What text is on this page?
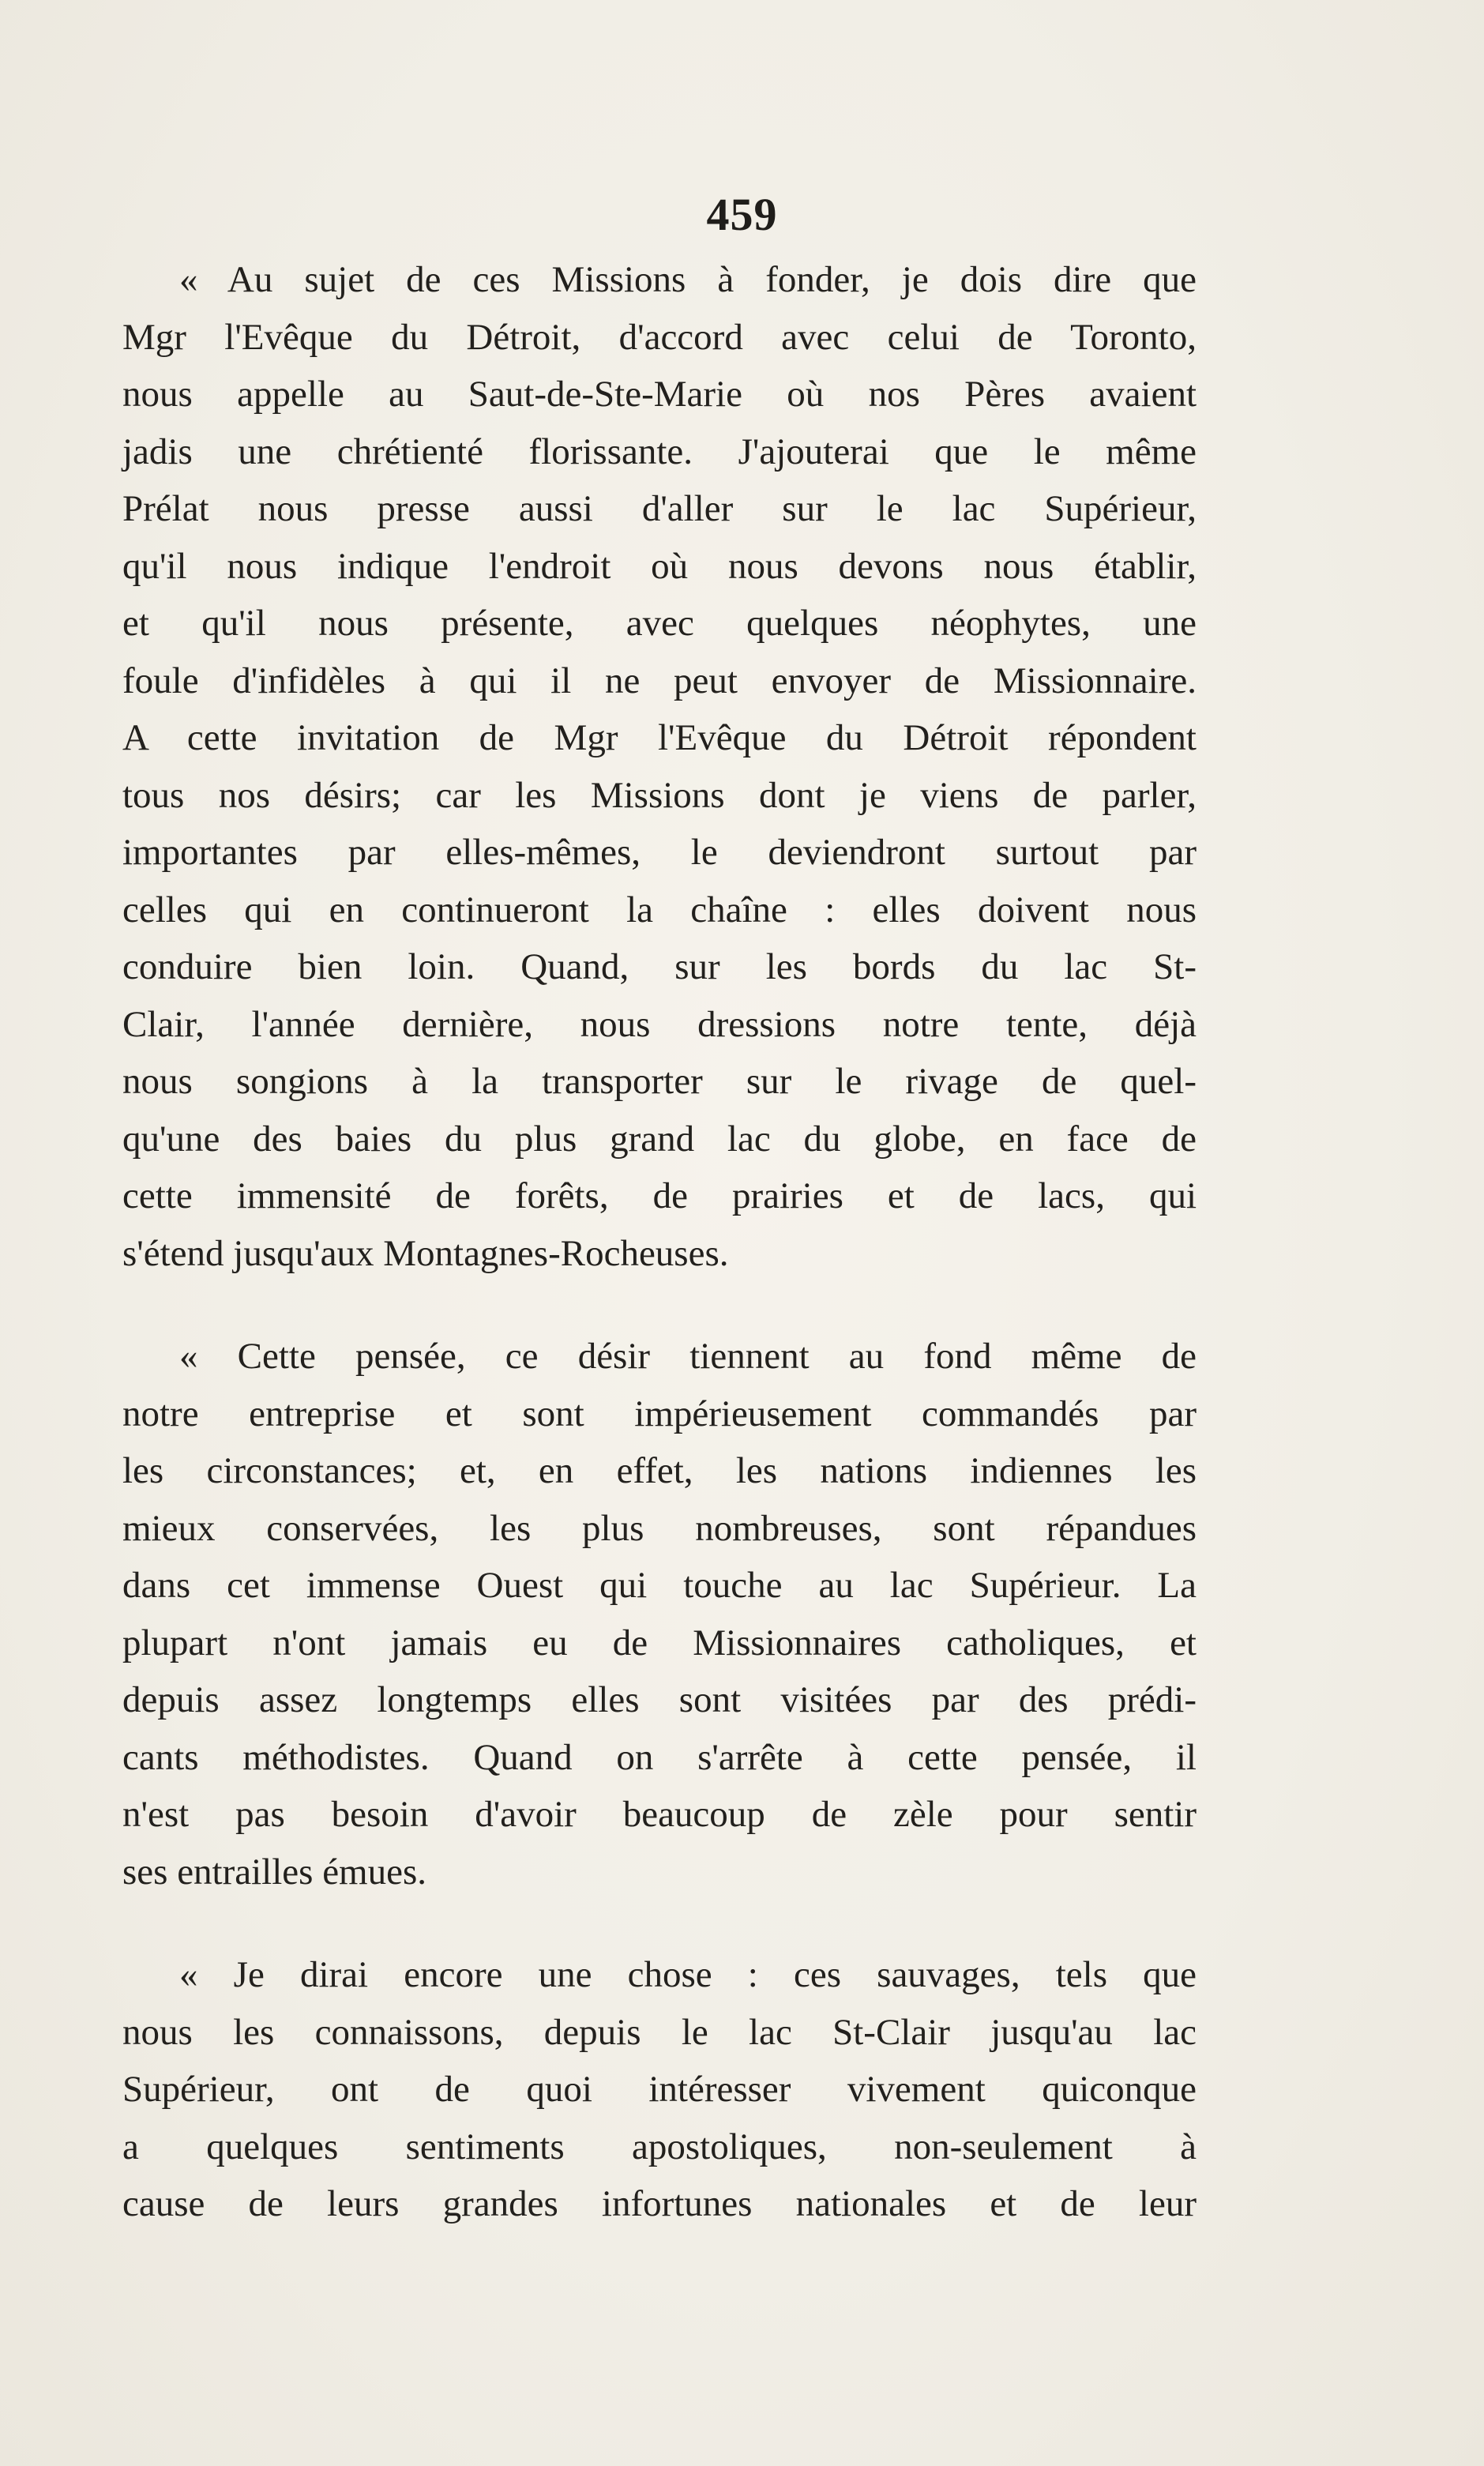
459
« Au sujet de ces Missions à fonder, je dois dire que
Mgr l'Evêque du Détroit, d'accord avec celui de Toronto,
nous appelle au Saut-de-Ste-Marie où nos Pères avaient
jadis une chrétienté florissante. J'ajouterai que le même
Prélat nous presse aussi d'aller sur le lac Supérieur,
qu'il nous indique l'endroit où nous devons nous établir,
et qu'il nous présente, avec quelques néophytes, une
foule d'infidèles à qui il ne peut envoyer de Missionnaire.
A cette invitation de Mgr l'Evêque du Détroit répondent
tous nos désirs; car les Missions dont je viens de parler,
importantes par elles-mêmes, le deviendront surtout par
celles qui en continueront la chaîne : elles doivent nous
conduire bien loin. Quand, sur les bords du lac St-
Clair, l'année dernière, nous dressions notre tente, déjà
nous songions à la transporter sur le rivage de quel-
qu'une des baies du plus grand lac du globe, en face de
cette immensité de forêts, de prairies et de lacs, qui
s'étend jusqu'aux Montagnes-Rocheuses.
« Cette pensée, ce désir tiennent au fond même de
notre entreprise et sont impérieusement commandés par
les circonstances; et, en effet, les nations indiennes les
mieux conservées, les plus nombreuses, sont répandues
dans cet immense Ouest qui touche au lac Supérieur. La
plupart n'ont jamais eu de Missionnaires catholiques, et
depuis assez longtemps elles sont visitées par des prédi-
cants méthodistes. Quand on s'arrête à cette pensée, il
n'est pas besoin d'avoir beaucoup de zèle pour sentir
ses entrailles émues.
« Je dirai encore une chose : ces sauvages, tels que
nous les connaissons, depuis le lac St-Clair jusqu'au lac
Supérieur, ont de quoi intéresser vivement quiconque
a quelques sentiments apostoliques, non-seulement à
cause de leurs grandes infortunes nationales et de leur
